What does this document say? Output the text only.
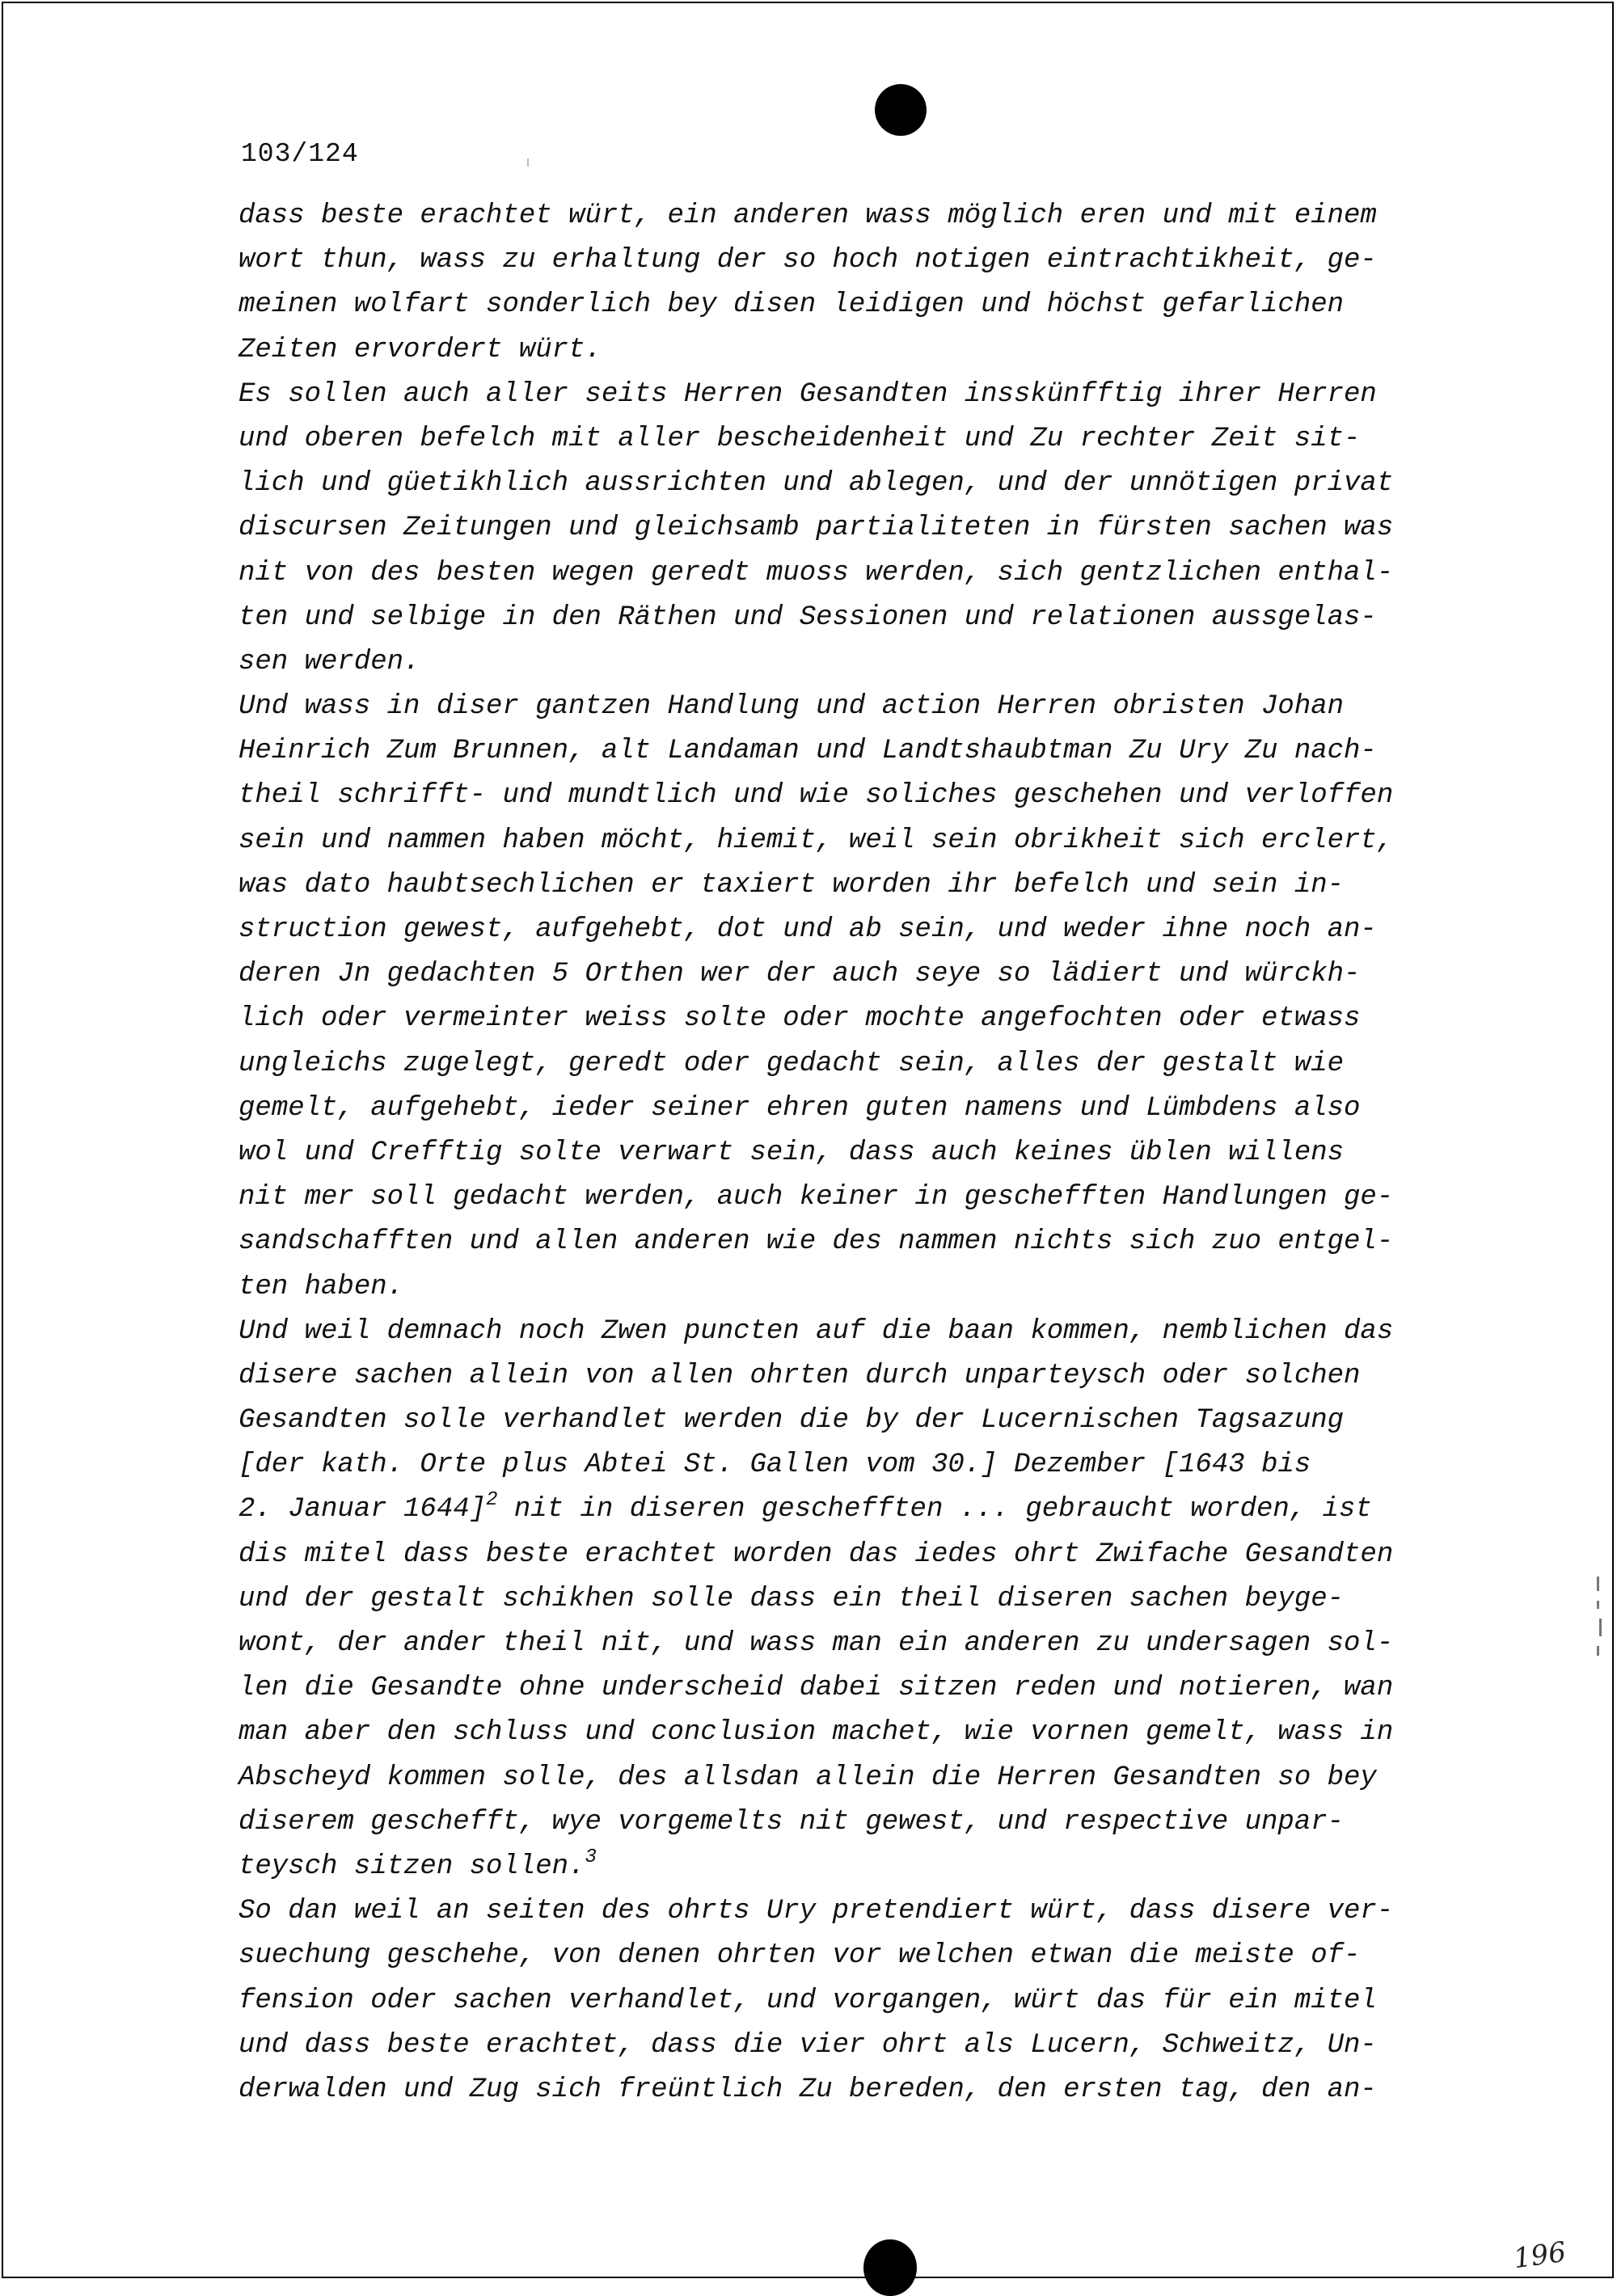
103/124
dass beste erachtet würt, ein anderen wass möglich eren und mit einem
wort thun, wass zu erhaltung der so hoch notigen eintrachtikheit, ge-
meinen wolfart sonderlich bey disen leidigen und höchst gefarlichen
Zeiten ervordert würt.
Es sollen auch aller seits Herren Gesandten insskünfftig ihrer Herren
und oberen befelch mit aller bescheidenheit und Zu rechter Zeit sit-
lich und güetikhlich aussrichten und ablegen, und der unnötigen privat
discursen Zeitungen und gleichsamb partialiteten in fürsten sachen was
nit von des besten wegen geredt muoss werden, sich gentzlichen enthal-
ten und selbige in den Räthen und Sessionen und relationen aussgelas-
sen werden.
Und wass in diser gantzen Handlung und action Herren obristen Johan
Heinrich Zum Brunnen, alt Landaman und Landtshaubtman Zu Ury Zu nach-
theil schrifft- und mundtlich und wie soliches geschehen und verloffen
sein und nammen haben möcht, hiemit, weil sein obrikheit sich erclert,
was dato haubtsechlichen er taxiert worden ihr befelch und sein in-
struction gewest, aufgehebt, dot und ab sein, und weder ihne noch an-
deren Jn gedachten 5 Orthen wer der auch seye so lädiert und würckh-
lich oder vermeinter weiss solte oder mochte angefochten oder etwass
ungleichs zugelegt, geredt oder gedacht sein, alles der gestalt wie
gemelt, aufgehebt, ieder seiner ehren guten namens und Lümbdens also
wol und Crefftig solte verwart sein, dass auch keines üblen willens
nit mer soll gedacht werden, auch keiner in geschefften Handlungen ge-
sandschafften und allen anderen wie des nammen nichts sich zuo entgel-
ten haben.
Und weil demnach noch Zwen puncten auf die baan kommen, nemblichen das
disere sachen allein von allen ohrten durch unparteysch oder solchen
Gesandten solle verhandlet werden die by der Lucernischen Tagsazung
[der kath. Orte plus Abtei St. Gallen vom 30.] Dezember [1643 bis
2. Januar 1644]$^2$ nit in diseren geschefften ... gebraucht worden, ist
dis mitel dass beste erachtet worden das iedes ohrt Zwifache Gesandten
und der gestalt schikhen solle dass ein theil diseren sachen beyge-
wont, der ander theil nit, und wass man ein anderen zu undersagen sol-
len die Gesandte ohne underscheid dabei sitzen reden und notieren, wan
man aber den schluss und conclusion machet, wie vornen gemelt, wass in
Abscheyd kommen solle, des allsdan allein die Herren Gesandten so bey
diserem geschefft, wye vorgemelts nit gewest, und respective unpar-
teysch sitzen sollen.$^3$
So dan weil an seiten des ohrts Ury pretendiert würt, dass disere ver-
suechung geschehe, von denen ohrten vor welchen etwan die meiste of-
fension oder sachen verhandlet, und vorgangen, würt das für ein mitel
und dass beste erachtet, dass die vier ohrt als Lucern, Schweitz, Un-
derwalden und Zug sich freüntlich Zu bereden, den ersten tag, den an-
196
